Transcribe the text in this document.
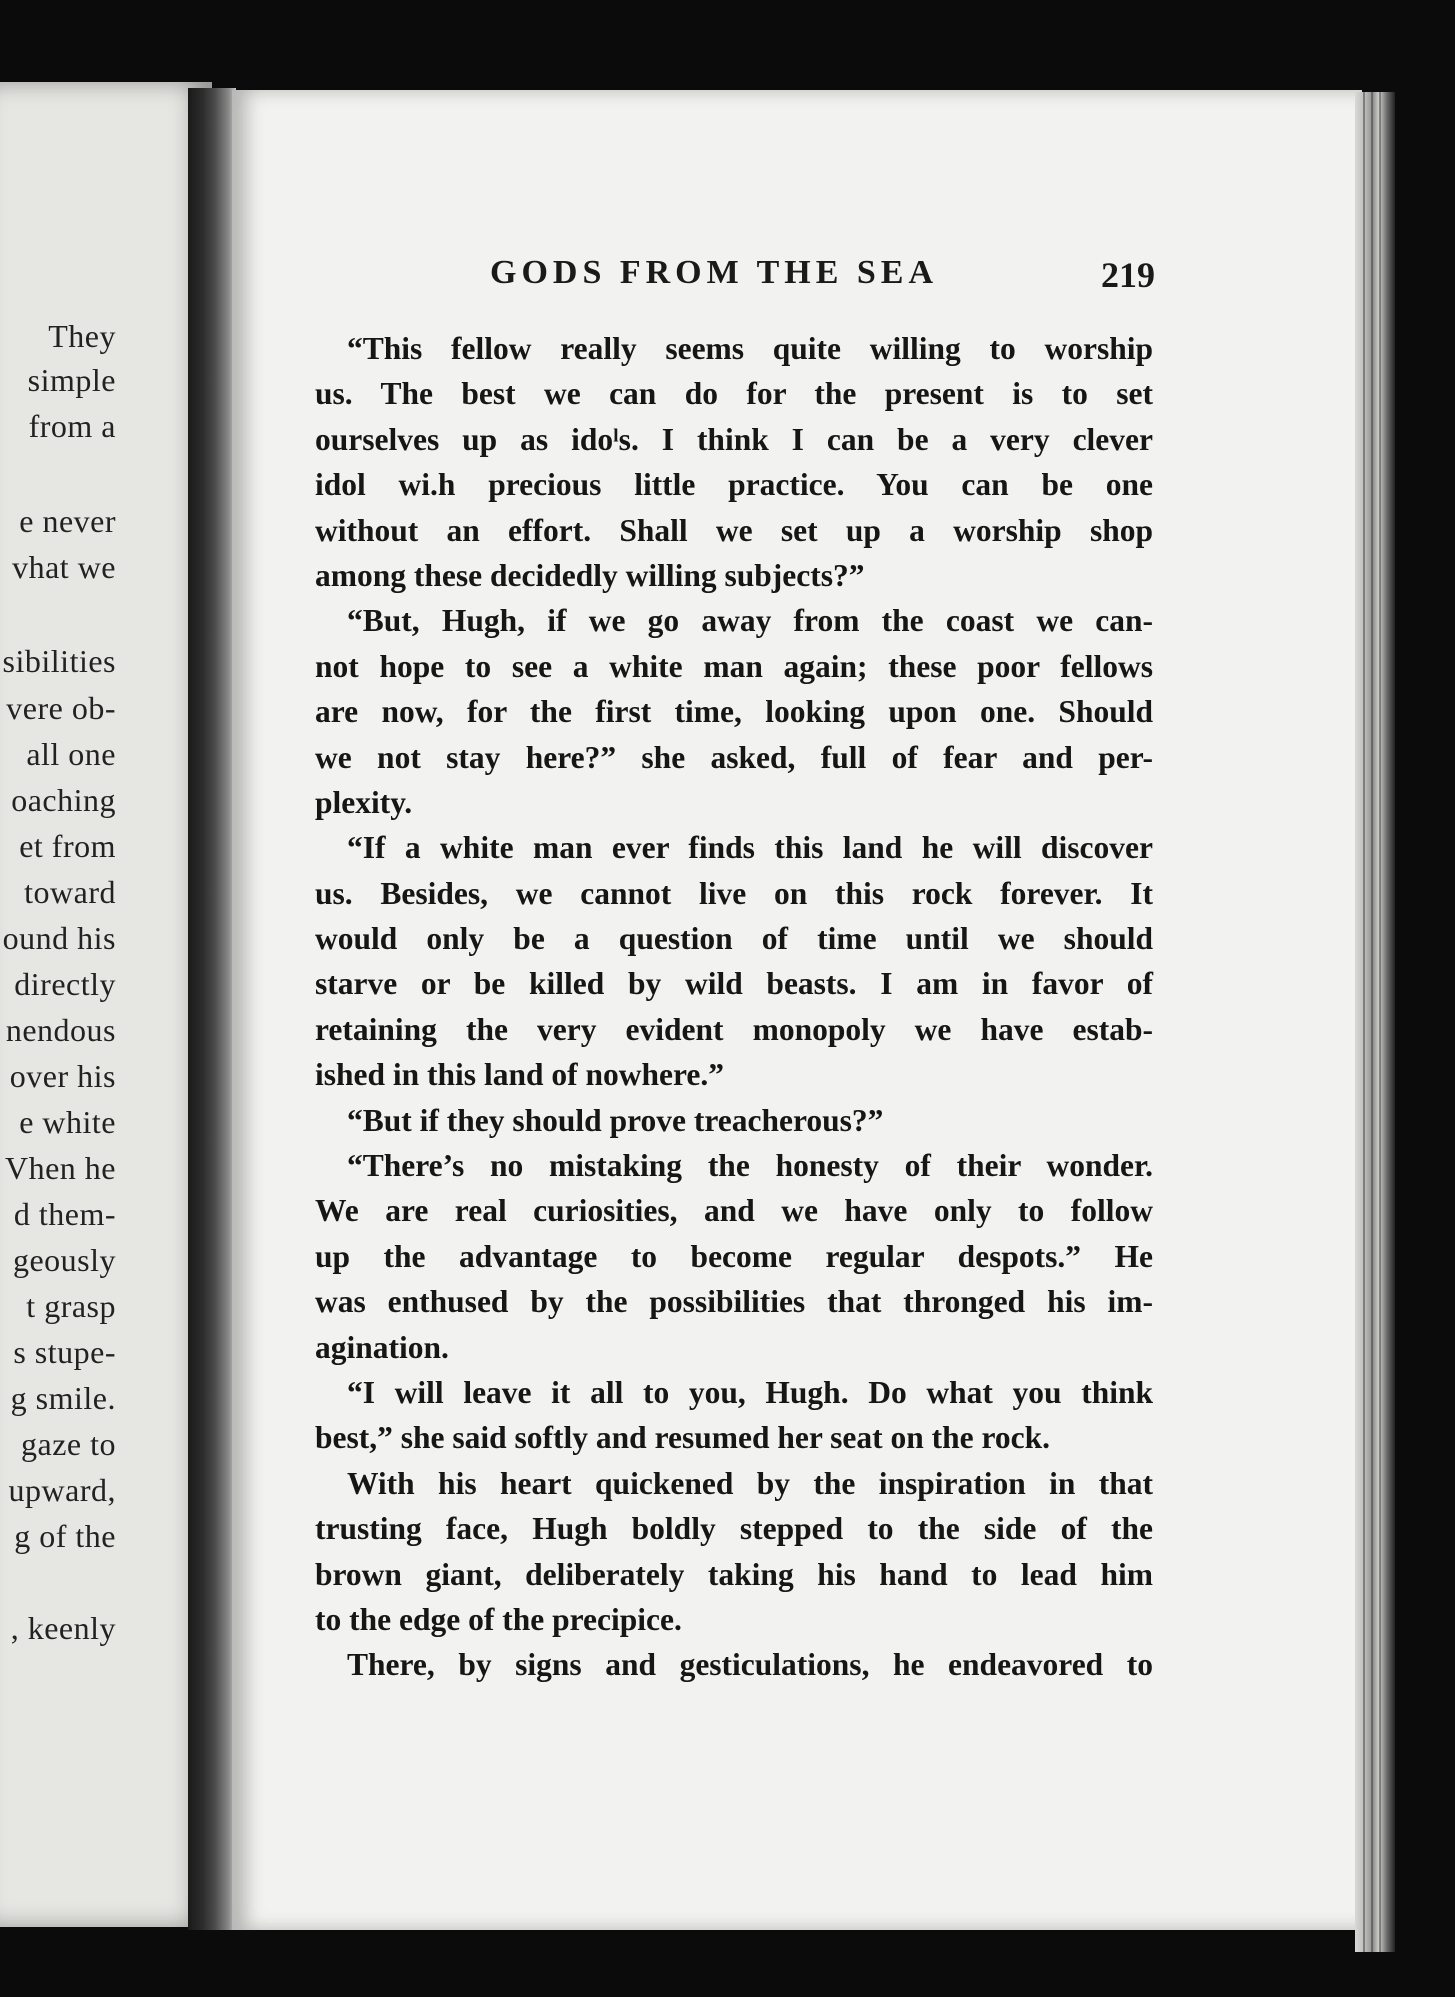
They
simple
from a
e never
vhat we
sibilities
vere ob-
all one
oaching
et from
toward
ound his
directly
nendous
over his
e white
Vhen he
d them-
geously
t grasp
s stupe-
g smile.
gaze to
upward,
g of the
, keenly
GODS FROM THE SEA	219
“This fellow really seems quite willing to worship
us. The best we can do for the present is to set
ourselves up as idoˡs. I think I can be a very clever
idol wi.h precious little practice. You can be one
without an effort. Shall we set up a worship shop
among these decidedly willing subjects?”
“But, Hugh, if we go away from the coast we can-
not hope to see a white man again; these poor fellows
are now, for the first time, looking upon one. Should
we not stay here?” she asked, full of fear and per-
plexity.
“If a white man ever finds this land he will discover
us. Besides, we cannot live on this rock forever. It
would only be a question of time until we should
starve or be killed by wild beasts. I am in favor of
retaining the very evident monopoly we have estab-
ished in this land of nowhere.”
“But if they should prove treacherous?”
“There’s no mistaking the honesty of their wonder.
We are real curiosities, and we have only to follow
up the advantage to become regular despots.” He
was enthused by the possibilities that thronged his im-
agination.
“I will leave it all to you, Hugh. Do what you think
best,” she said softly and resumed her seat on the rock.
With his heart quickened by the inspiration in that
trusting face, Hugh boldly stepped to the side of the
brown giant, deliberately taking his hand to lead him
to the edge of the precipice.
There, by signs and gesticulations, he endeavored to
